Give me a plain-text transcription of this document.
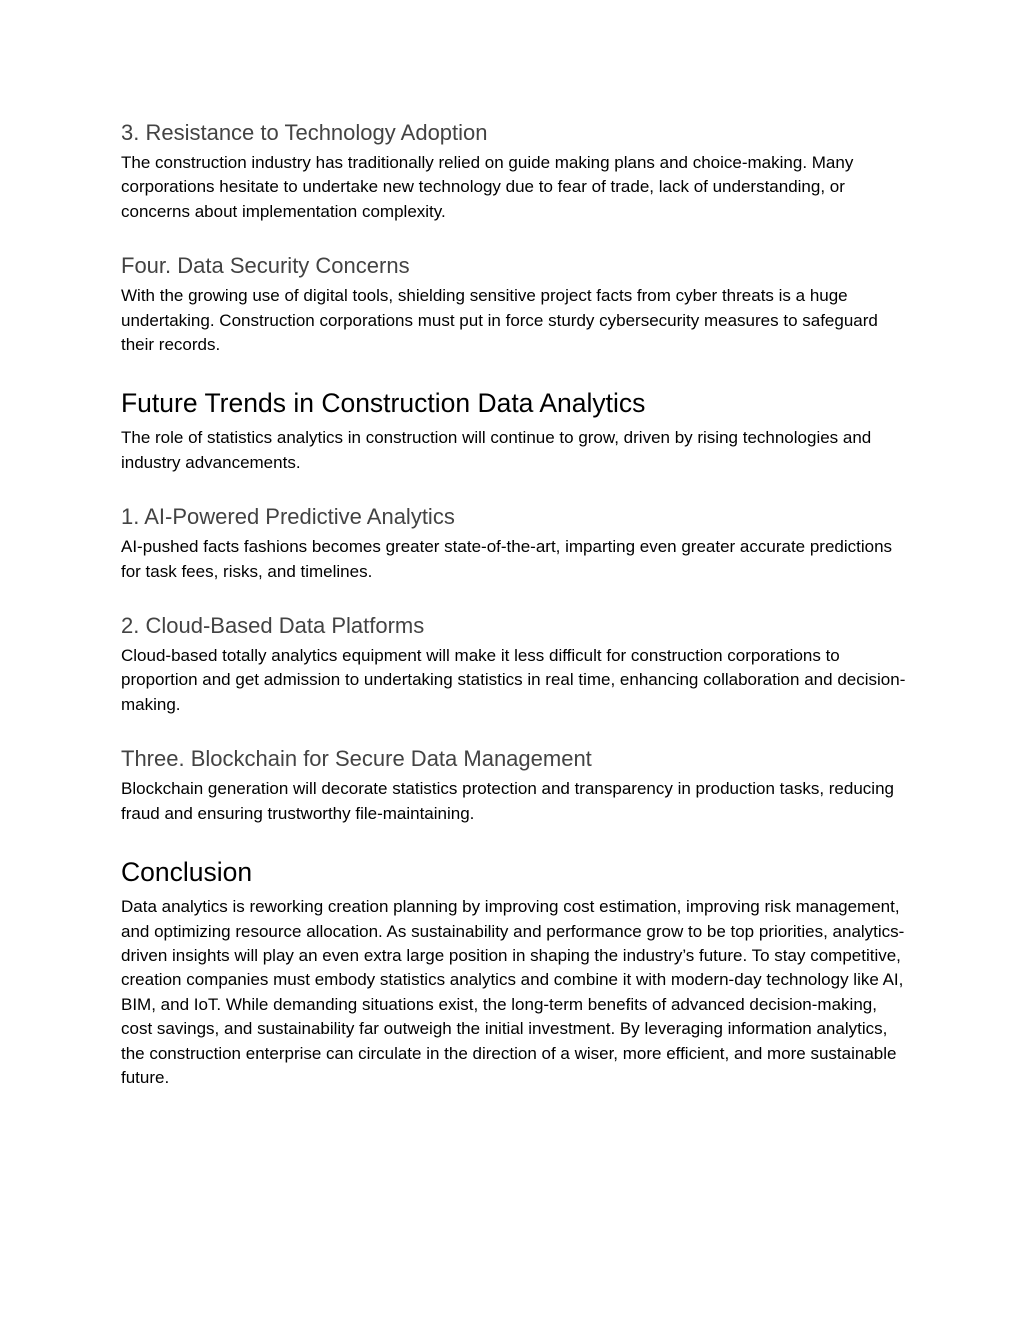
3. Resistance to Technology Adoption

The construction industry has traditionally relied on guide making plans and choice-making. Many corporations hesitate to undertake new technology due to fear of trade, lack of understanding, or concerns about implementation complexity.

Four. Data Security Concerns

With the growing use of digital tools, shielding sensitive project facts from cyber threats is a huge undertaking. Construction corporations must put in force sturdy cybersecurity measures to safeguard their records.

Future Trends in Construction Data Analytics

The role of statistics analytics in construction will continue to grow, driven by rising technologies and industry advancements.

1. AI-Powered Predictive Analytics

AI-pushed facts fashions becomes greater state-of-the-art, imparting even greater accurate predictions for task fees, risks, and timelines.

2. Cloud-Based Data Platforms

Cloud-based totally analytics equipment will make it less difficult for construction corporations to proportion and get admission to undertaking statistics in real time, enhancing collaboration and decision-making.

Three. Blockchain for Secure Data Management

Blockchain generation will decorate statistics protection and transparency in production tasks, reducing fraud and ensuring trustworthy file-maintaining.

Conclusion

Data analytics is reworking creation planning by improving cost estimation, improving risk management, and optimizing resource allocation. As sustainability and performance grow to be top priorities, analytics-driven insights will play an even extra large position in shaping the industry’s future. To stay competitive, creation companies must embody statistics analytics and combine it with modern-day technology like AI, BIM, and IoT. While demanding situations exist, the long-term benefits of advanced decision-making, cost savings, and sustainability far outweigh the initial investment. By leveraging information analytics, the construction enterprise can circulate in the direction of a wiser, more efficient, and more sustainable future.
